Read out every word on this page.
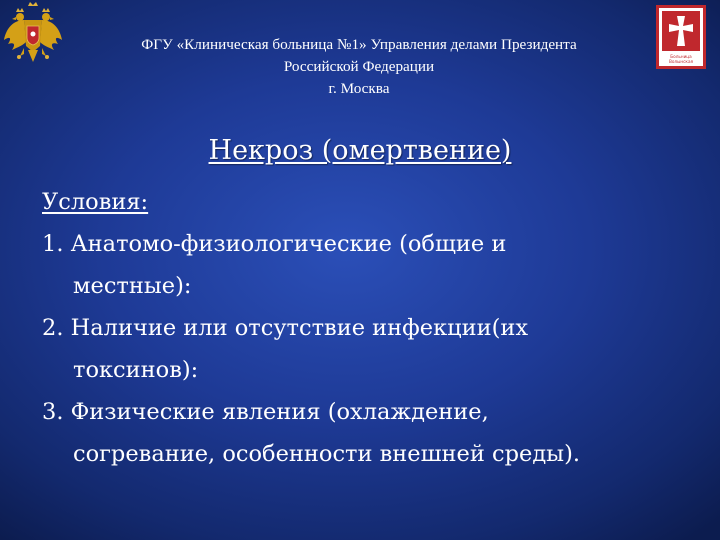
Больница
Волынская
ФГУ «Клиническая больница №1» Управления делами Президента
Российской Федерации
г. Москва
Некроз (омертвение)
Условия:
1. Анатомо-физиологические (общие и
местные):
2. Наличие или отсутствие инфекции(их
токсинов):
3. Физические явления (охлаждение,
согревание, особенности внешней среды).
